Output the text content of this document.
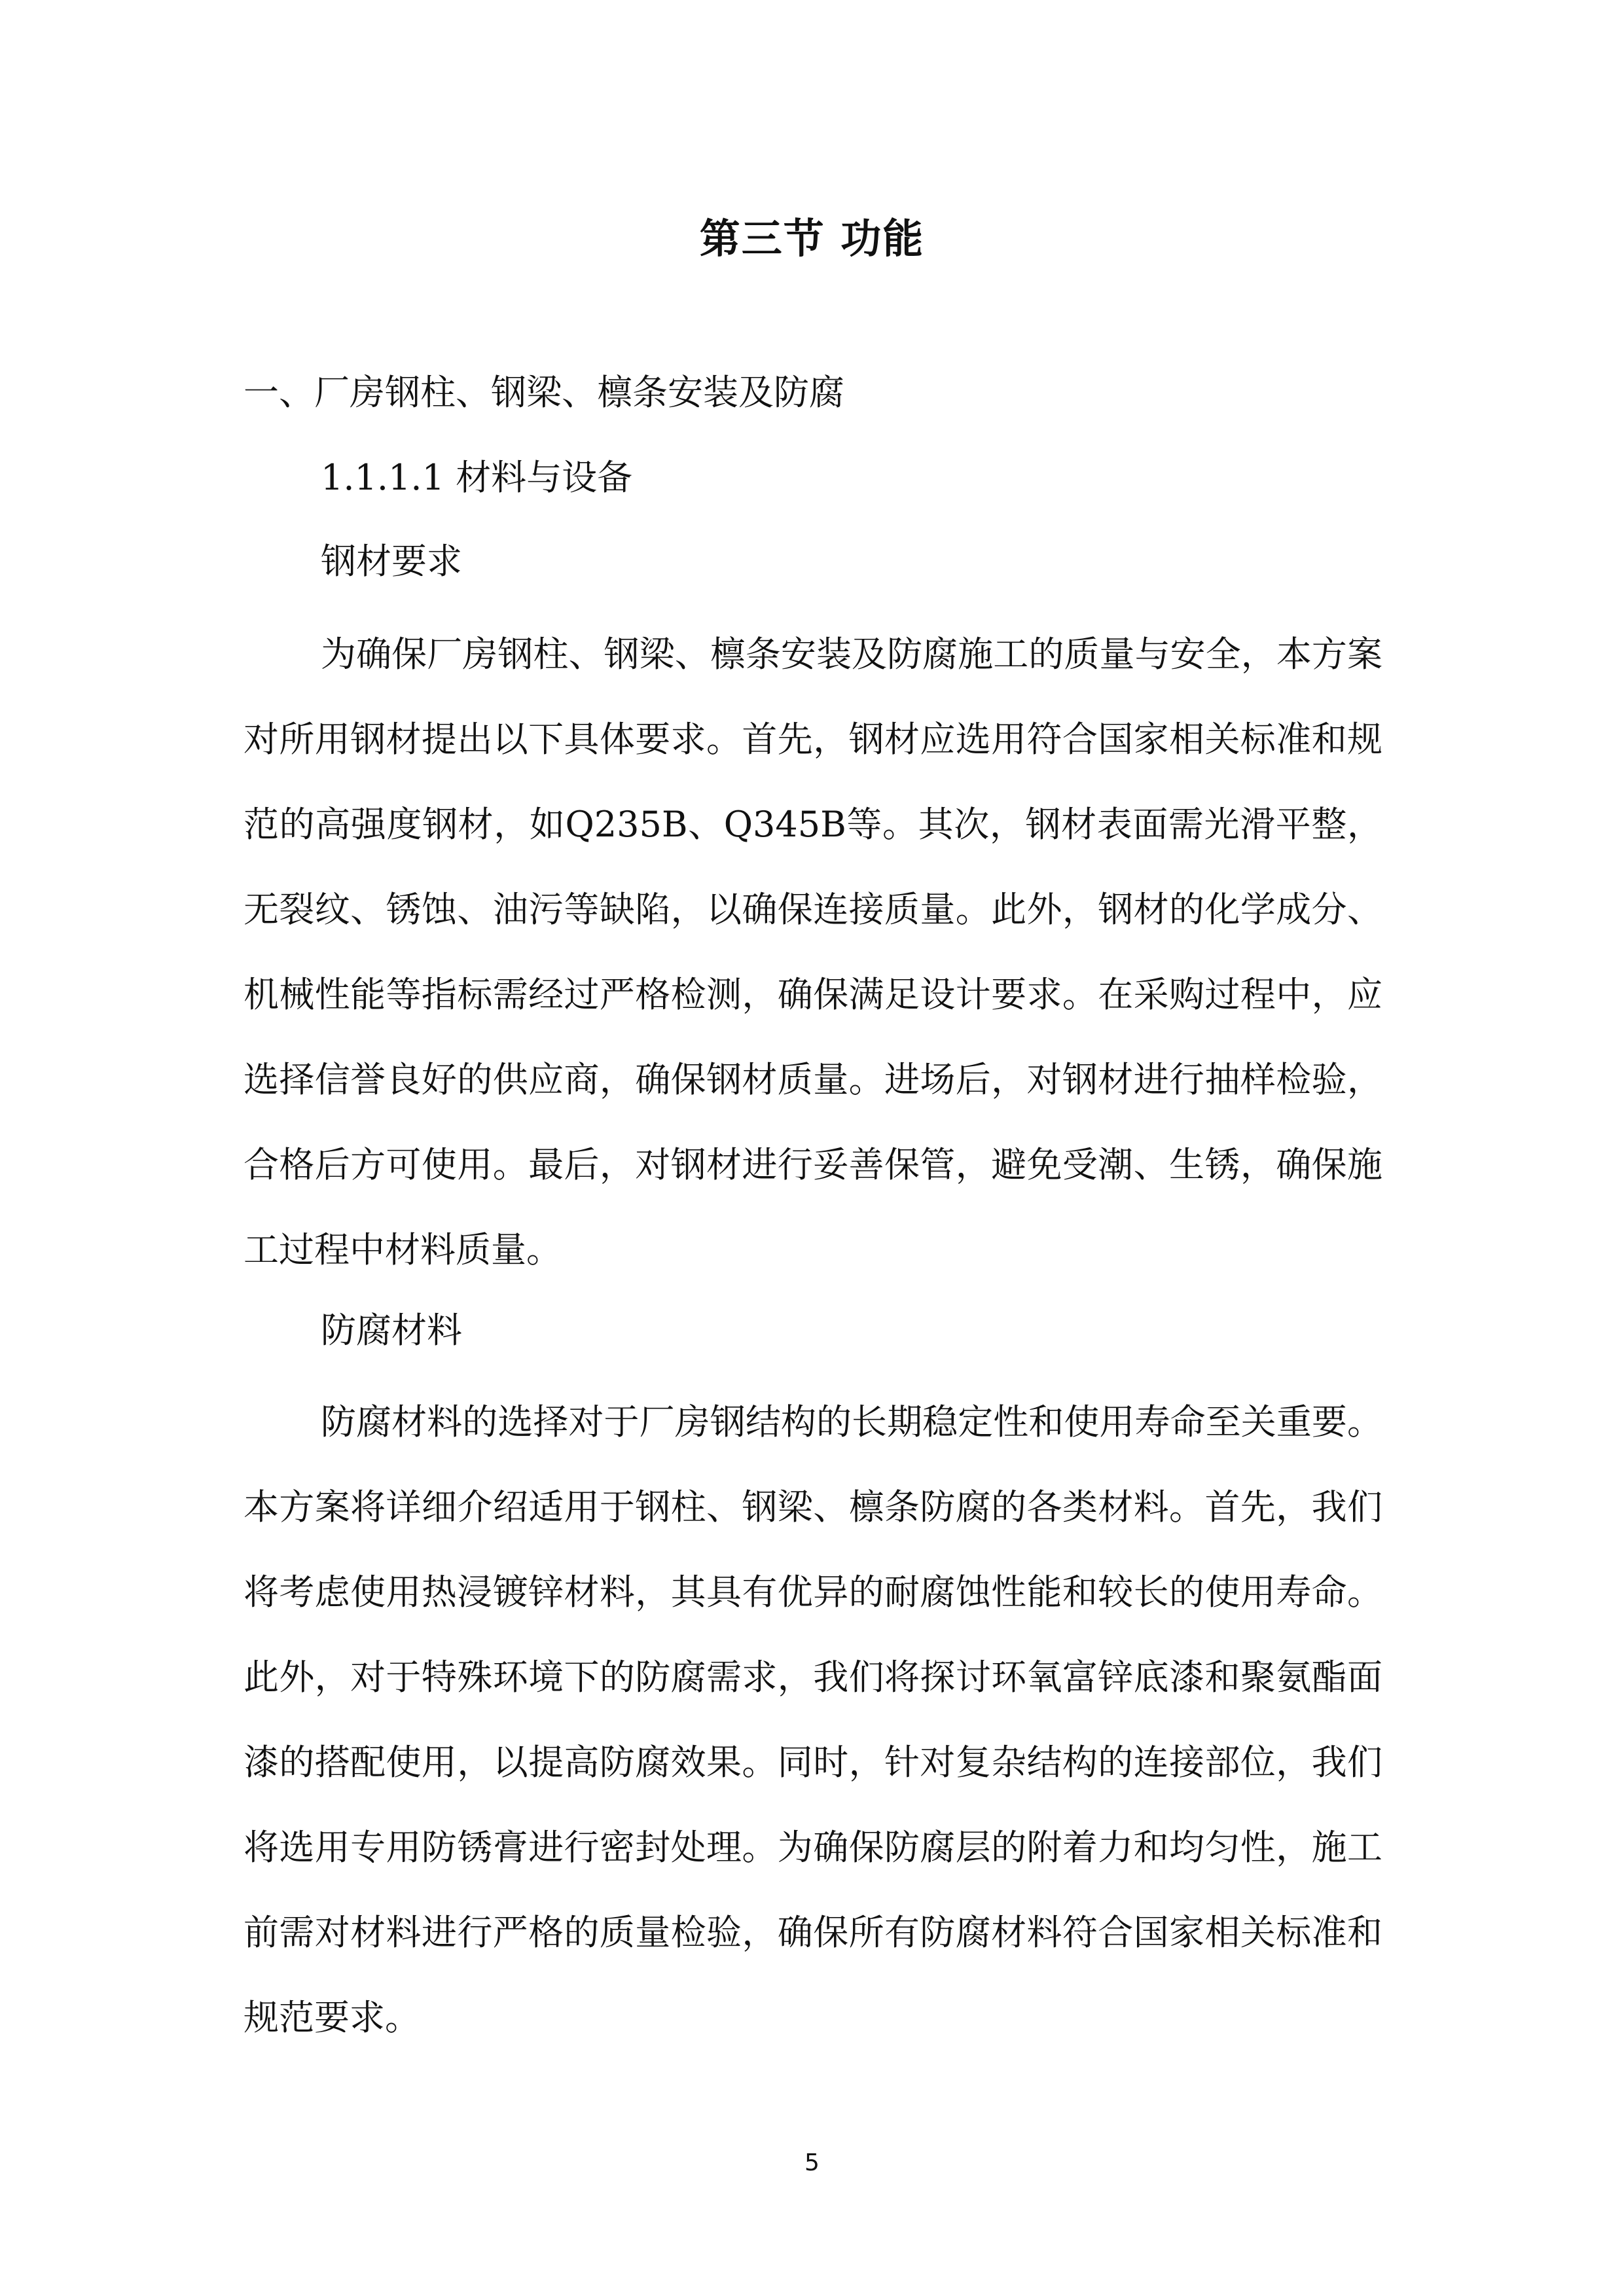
第三节 功能
一、厂房钢柱、钢梁、檩条安装及防腐
1.1.1.1 材料与设备
钢材要求

为确保厂房钢柱、钢梁、檩条安装及防腐施工的质量与安全，本方案对所用钢材提出以下具体要求。首先，钢材应选用符合国家相关标准和规范的高强度钢材，如Q235B、Q345B等。其次，钢材表面需光滑平整，无裂纹、锈蚀、油污等缺陷，以确保连接质量。此外，钢材的化学成分、机械性能等指标需经过严格检测，确保满足设计要求。在采购过程中，应选择信誉良好的供应商，确保钢材质量。进场后，对钢材进行抽样检验，合格后方可使用。最后，对钢材进行妥善保管，避免受潮、生锈，确保施工过程中材料质量。

防腐材料

防腐材料的选择对于厂房钢结构的长期稳定性和使用寿命至关重要。本方案将详细介绍适用于钢柱、钢梁、檩条防腐的各类材料。首先，我们将考虑使用热浸镀锌材料，其具有优异的耐腐蚀性能和较长的使用寿命。此外，对于特殊环境下的防腐需求，我们将探讨环氧富锌底漆和聚氨酯面漆的搭配使用，以提高防腐效果。同时，针对复杂结构的连接部位，我们将选用专用防锈膏进行密封处理。为确保防腐层的附着力和均匀性，施工前需对材料进行严格的质量检验，确保所有防腐材料符合国家相关标准和规范要求。

5
